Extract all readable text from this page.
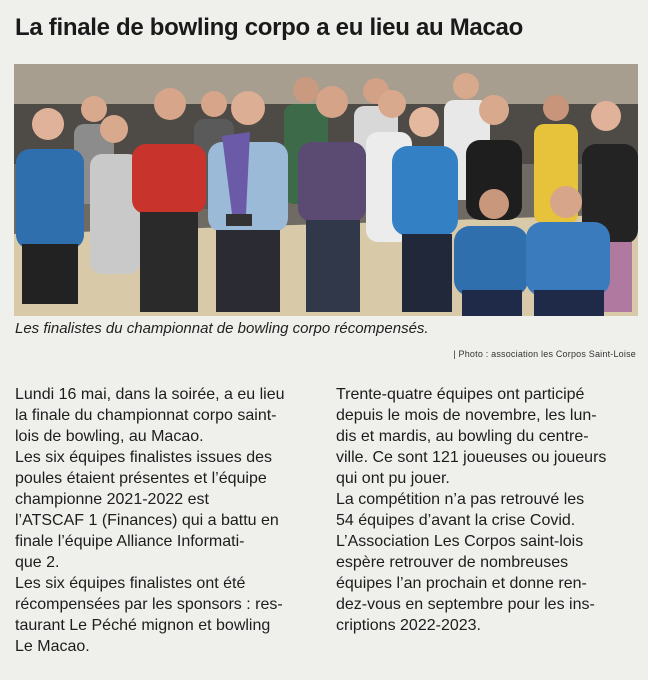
La finale de bowling corpo a eu lieu au Macao
Les finalistes du championnat de bowling corpo récompensés.
| Photo : association les Corpos Saint-Loise
Lundi 16 mai, dans la soirée, a eu lieu
la finale du championnat corpo saint-
lois de bowling, au Macao.
Les six équipes finalistes issues des
poules étaient présentes et l’équipe
championne 2021-2022 est
l’ATSCAF 1 (Finances) qui a battu en
finale l’équipe Alliance Informati-
que 2.
Les six équipes finalistes ont été
récompensées par les sponsors : res-
taurant Le Péché mignon et bowling
Le Macao.
Trente-quatre équipes ont participé
depuis le mois de novembre, les lun-
dis et mardis, au bowling du centre-
ville. Ce sont 121 joueuses ou joueurs
qui ont pu jouer.
La compétition n’a pas retrouvé les
54 équipes d’avant la crise Covid.
L’Association Les Corpos saint-lois
espère retrouver de nombreuses
équipes l’an prochain et donne ren-
dez-vous en septembre pour les ins-
criptions 2022-2023.
